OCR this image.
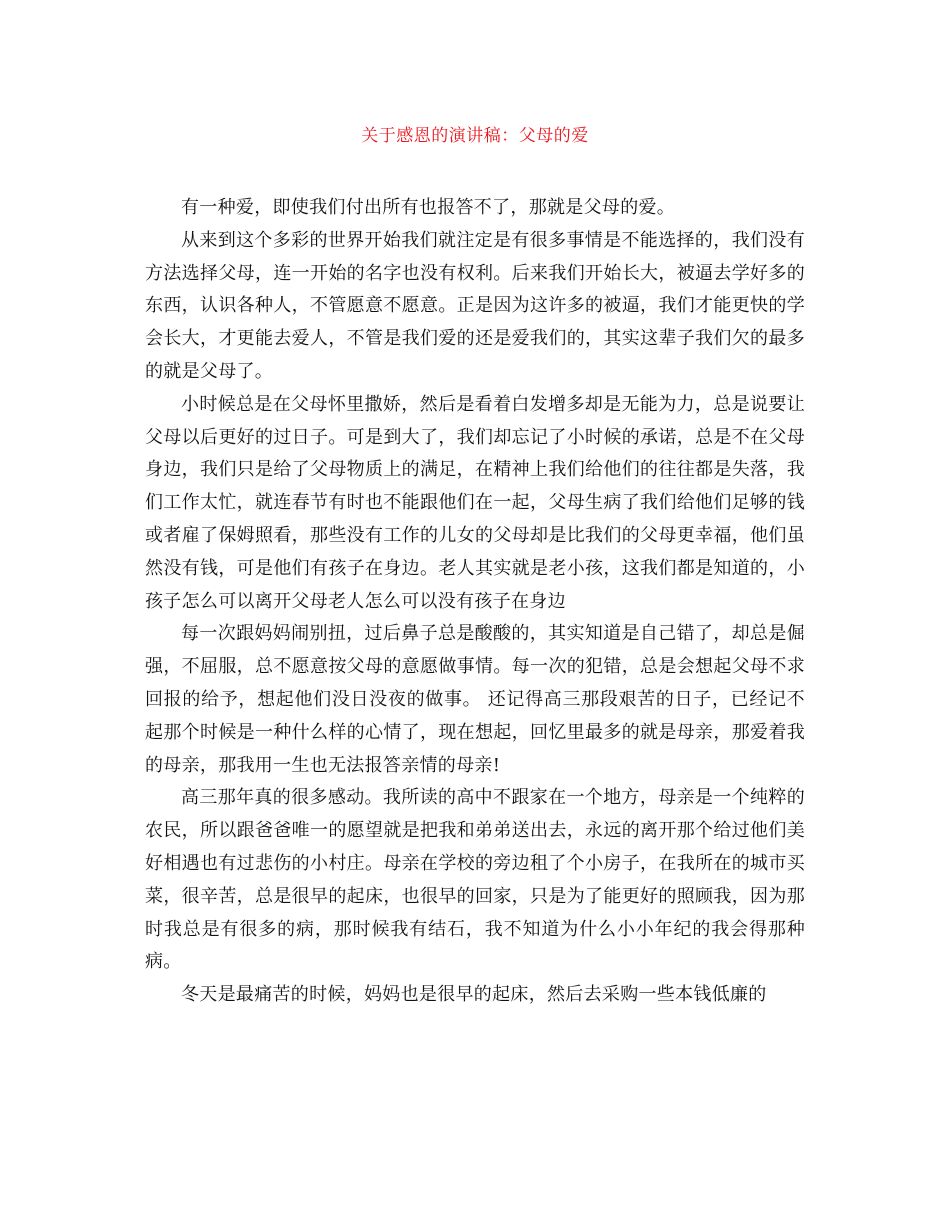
关于感恩的演讲稿：父母的爱

有一种爱，即使我们付出所有也报答不了，那就是父母的爱。

从来到这个多彩的世界开始我们就注定是有很多事情是不能选择的，我们没有方法选择父母，连一开始的名字也没有权利。后来我们开始长大，被逼去学好多的东西，认识各种人，不管愿意不愿意。正是因为这许多的被逼，我们才能更快的学会长大，才更能去爱人，不管是我们爱的还是爱我们的，其实这辈子我们欠的最多的就是父母了。

小时候总是在父母怀里撒娇，然后是看着白发增多却是无能为力，总是说要让父母以后更好的过日子。可是到大了，我们却忘记了小时候的承诺，总是不在父母身边，我们只是给了父母物质上的满足，在精神上我们给他们的往往都是失落，我们工作太忙，就连春节有时也不能跟他们在一起，父母生病了我们给他们足够的钱或者雇了保姆照看，那些没有工作的儿女的父母却是比我们的父母更幸福，他们虽然没有钱，可是他们有孩子在身边。老人其实就是老小孩，这我们都是知道的，小孩子怎么可以离开父母老人怎么可以没有孩子在身边

每一次跟妈妈闹别扭，过后鼻子总是酸酸的，其实知道是自己错了，却总是倔强，不屈服，总不愿意按父母的意愿做事情。每一次的犯错，总是会想起父母不求回报的给予，想起他们没日没夜的做事。 还记得高三那段艰苦的日子，已经记不起那个时候是一种什么样的心情了，现在想起，回忆里最多的就是母亲，那爱着我的母亲，那我用一生也无法报答亲情的母亲!

高三那年真的很多感动。我所读的高中不跟家在一个地方，母亲是一个纯粹的农民，所以跟爸爸唯一的愿望就是把我和弟弟送出去，永远的离开那个给过他们美好相遇也有过悲伤的小村庄。母亲在学校的旁边租了个小房子，在我所在的城市买菜，很辛苦，总是很早的起床，也很早的回家，只是为了能更好的照顾我，因为那时我总是有很多的病，那时候我有结石，我不知道为什么小小年纪的我会得那种病。

冬天是最痛苦的时候，妈妈也是很早的起床，然后去采购一些本钱低廉的
